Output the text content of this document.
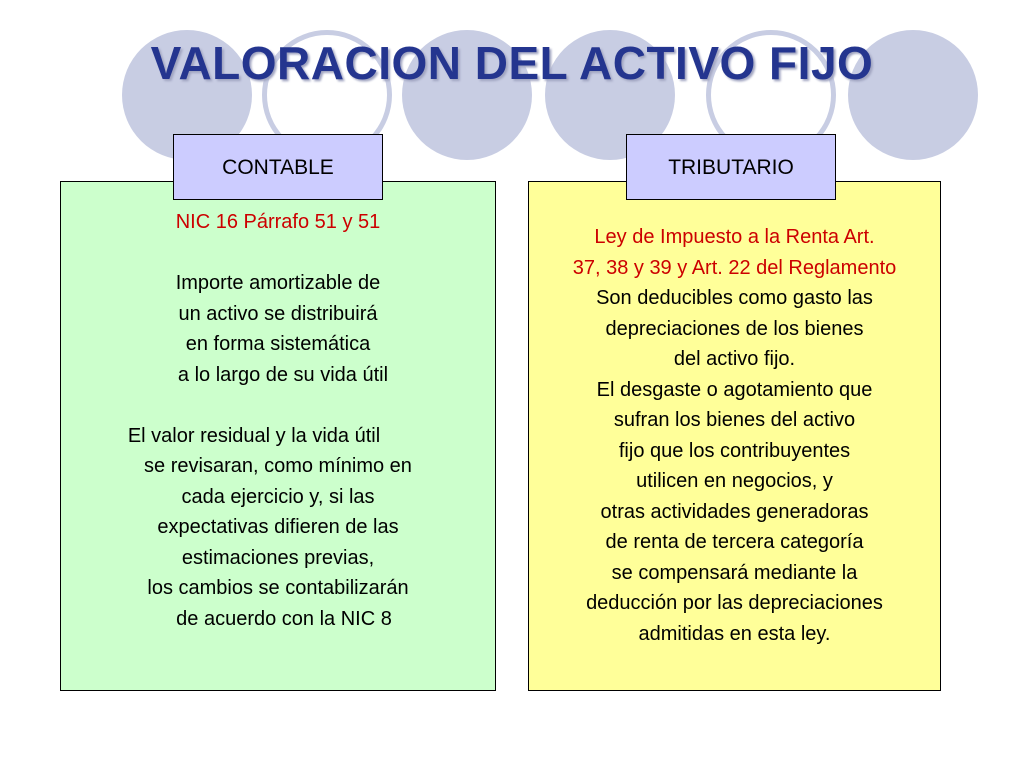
VALORACION DEL ACTIVO FIJO
NIC 16 Párrafo 51 y 51
Importe amortizable de
un activo se distribuirá
en forma sistemática
a lo largo de su vida útil
El valor residual y la vida útil
se revisaran, como mínimo en
cada ejercicio y, si las
expectativas difieren de las
estimaciones previas,
los cambios se contabilizarán
de acuerdo con la NIC 8
CONTABLE
Ley de Impuesto a la Renta Art.
37, 38 y 39 y Art. 22 del Reglamento
Son deducibles como gasto las
depreciaciones de los bienes
del activo fijo.
El desgaste o agotamiento que
sufran los bienes del activo
fijo que los contribuyentes
utilicen en negocios, y
otras actividades generadoras
de renta de tercera categoría
se compensará mediante la
deducción por las depreciaciones
admitidas en esta ley.
TRIBUTARIO
